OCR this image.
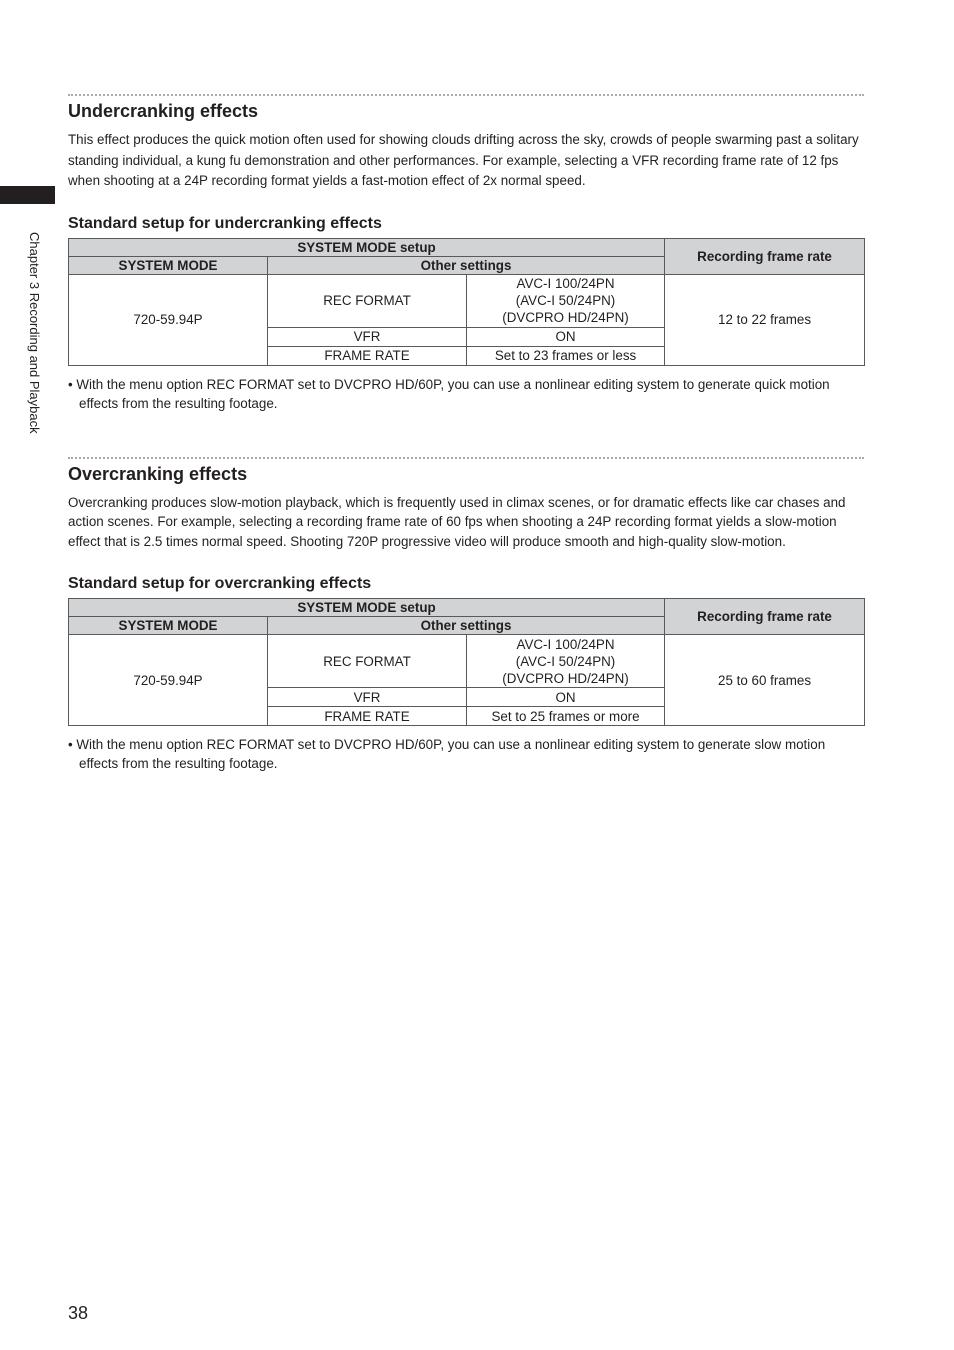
Chapter 3 Recording and Playback
Undercranking effects

This effect produces the quick motion often used for showing clouds drifting across the sky, crowds of people swarming past a solitary standing individual, a kung fu demonstration and other performances. For example, selecting a VFR recording frame rate of 12 fps when shooting at a 24P recording format yields a fast-motion effect of 2x normal speed.

Standard setup for undercranking effects
SYSTEM MODE setup			Recording frame rate
SYSTEM MODE	Other settings		
720-59.94P	REC FORMAT	AVC-I 100/24PN
(AVC-I 50/24PN)
(DVCPRO HD/24PN)	12 to 22 frames
	VFR	ON	
	FRAME RATE	Set to 23 frames or less	

• With the menu option REC FORMAT set to DVCPRO HD/60P, you can use a nonlinear editing system to generate quick motion effects from the resulting footage.

Overcranking effects

Overcranking produces slow-motion playback, which is frequently used in climax scenes, or for dramatic effects like car chases and action scenes. For example, selecting a recording frame rate of 60 fps when shooting a 24P recording format yields a slow-motion effect that is 2.5 times normal speed. Shooting 720P progressive video will produce smooth and high-quality slow-motion.

Standard setup for overcranking effects
SYSTEM MODE setup			Recording frame rate
SYSTEM MODE	Other settings		
720-59.94P	REC FORMAT	AVC-I 100/24PN
(AVC-I 50/24PN)
(DVCPRO HD/24PN)	25 to 60 frames
	VFR	ON	
	FRAME RATE	Set to 25 frames or more	

• With the menu option REC FORMAT set to DVCPRO HD/60P, you can use a nonlinear editing system to generate slow motion effects from the resulting footage.

38
